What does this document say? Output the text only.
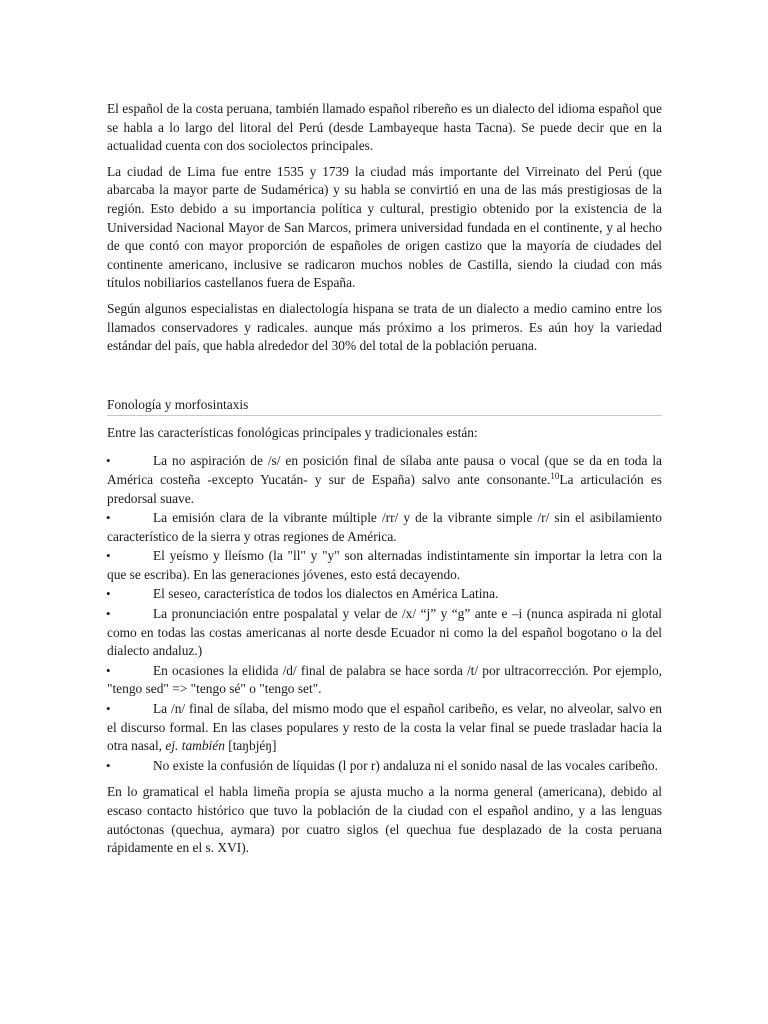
El español de la costa peruana, también llamado español ribereño es un dialecto del idioma español que se habla a lo largo del litoral del Perú (desde Lambayeque hasta Tacna). Se puede decir que en la actualidad cuenta con dos sociolectos principales.

La ciudad de Lima fue entre 1535 y 1739 la ciudad más importante del Virreinato del Perú (que abarcaba la mayor parte de Sudamérica) y su habla se convirtió en una de las más prestigiosas de la región. Esto debido a su importancia política y cultural, prestigio obtenido por la existencia de la Universidad Nacional Mayor de San Marcos, primera universidad fundada en el continente, y al hecho de que contó con mayor proporción de españoles de origen castizo que la mayoría de ciudades del continente americano, inclusive se radicaron muchos nobles de Castilla, siendo la ciudad con más títulos nobiliarios castellanos fuera de España.

Según algunos especialistas en dialectología hispana se trata de un dialecto a medio camino entre los llamados conservadores y radicales. aunque más próximo a los primeros. Es aún hoy la variedad estándar del país, que habla alrededor del 30% del total de la población peruana.

Fonología y morfosintaxis
Entre las características fonológicas principales y tradicionales están:
•	La no aspiración de /s/ en posición final de sílaba ante pausa o vocal (que se da en toda la América costeña -excepto Yucatán- y sur de España) salvo ante consonante.$^{10}$La articulación es predorsal suave.
•	La emisión clara de la vibrante múltiple /rr/ y de la vibrante simple /r/ sin el asibilamiento característico de la sierra y otras regiones de América.
•	El yeísmo y lleísmo (la "ll" y "y" son alternadas indistintamente sin importar la letra con la que se escriba). En las generaciones jóvenes, esto está decayendo.
•	El seseo, característica de todos los dialectos en América Latina.
•	La pronunciación entre pospalatal y velar de /x/ “j” y “g” ante e –i (nunca aspirada ni glotal como en todas las costas americanas al norte desde Ecuador ni como la del español bogotano o la del dialecto andaluz.)
•	En ocasiones la elidida /d/ final de palabra se hace sorda /t/ por ultracorrección. Por ejemplo, "tengo sed" => "tengo sé" o "tengo set".
•	La /n/ final de sílaba, del mismo modo que el español caribeño, es velar, no alveolar, salvo en el discurso formal. En las clases populares y resto de la costa la velar final se puede trasladar hacia la otra nasal, ej. también [taŋbjéŋ]
•	No existe la confusión de líquidas (l por r) andaluza ni el sonido nasal de las vocales caribeño.

En lo gramatical el habla limeña propia se ajusta mucho a la norma general (americana), debido al escaso contacto histórico que tuvo la población de la ciudad con el español andino, y a las lenguas autóctonas (quechua, aymara) por cuatro siglos (el quechua fue desplazado de la costa peruana rápidamente en el s. XVI).
